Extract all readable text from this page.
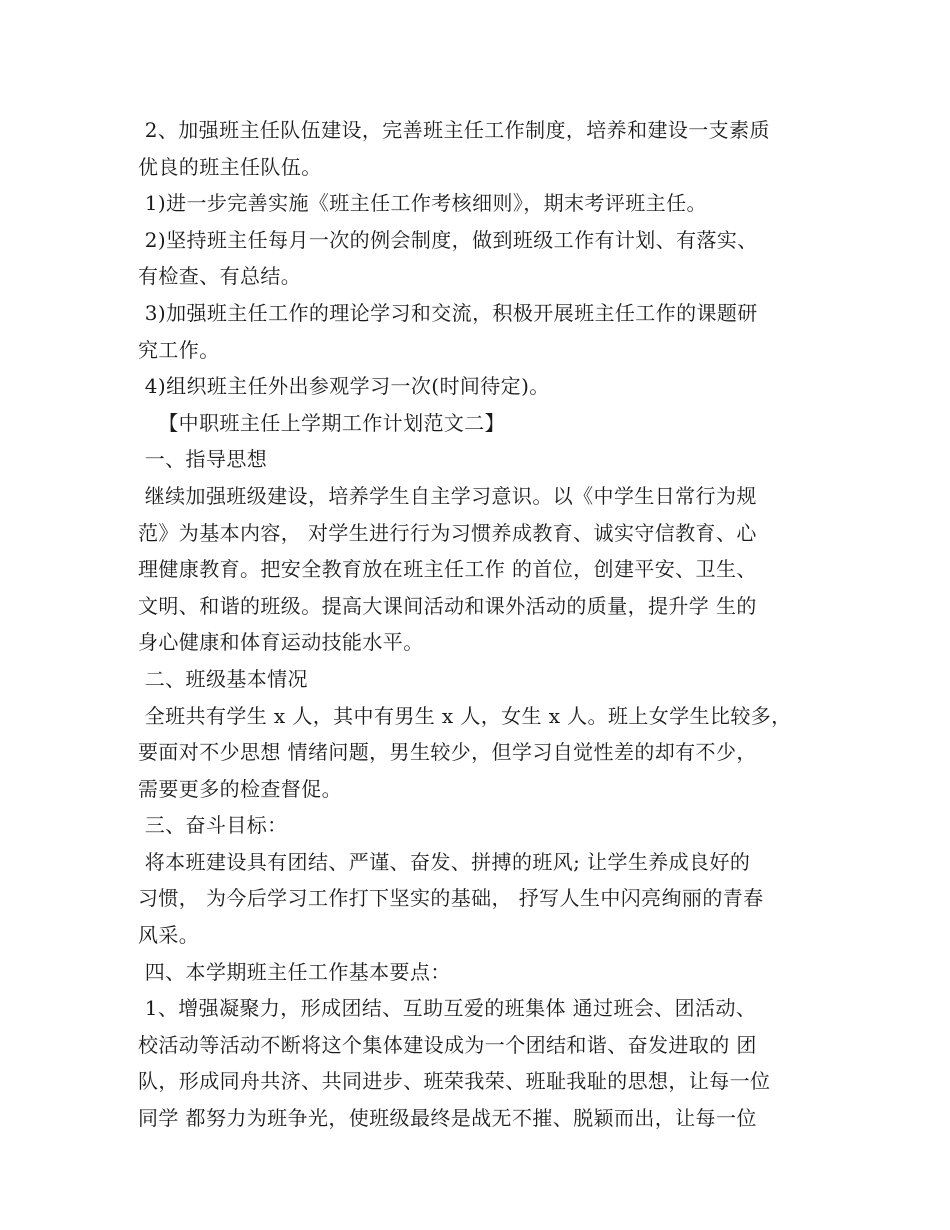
2、加强班主任队伍建设，完善班主任工作制度，培养和建设一支素质
优良的班主任队伍。
1)进一步完善实施《班主任工作考核细则》，期末考评班主任。
2)坚持班主任每月一次的例会制度，做到班级工作有计划、有落实、
有检查、有总结。
3)加强班主任工作的理论学习和交流，积极开展班主任工作的课题研
究工作。
4)组织班主任外出参观学习一次(时间待定)。
【中职班主任上学期工作计划范文二】
一、指导思想
继续加强班级建设，培养学生自主学习意识。以《中学生日常行为规
范》为基本内容， 对学生进行行为习惯养成教育、诚实守信教育、心
理健康教育。把安全教育放在班主任工作 的首位，创建平安、卫生、
文明、和谐的班级。提高大课间活动和课外活动的质量，提升学 生的
身心健康和体育运动技能水平。
二、班级基本情况
全班共有学生 x 人，其中有男生 x 人，女生 x 人。班上女学生比较多，
要面对不少思想 情绪问题，男生较少，但学习自觉性差的却有不少，
需要更多的检查督促。
三、奋斗目标：
将本班建设具有团结、严谨、奋发、拼搏的班风; 让学生养成良好的
习惯， 为今后学习工作打下坚实的基础， 抒写人生中闪亮绚丽的青春
风采。
四、本学期班主任工作基本要点：
1、增强凝聚力，形成团结、互助互爱的班集体 通过班会、团活动、
校活动等活动不断将这个集体建设成为一个团结和谐、奋发进取的 团
队，形成同舟共济、共同进步、班荣我荣、班耻我耻的思想，让每一位
同学 都努力为班争光，使班级最终是战无不摧、脱颖而出，让每一位
